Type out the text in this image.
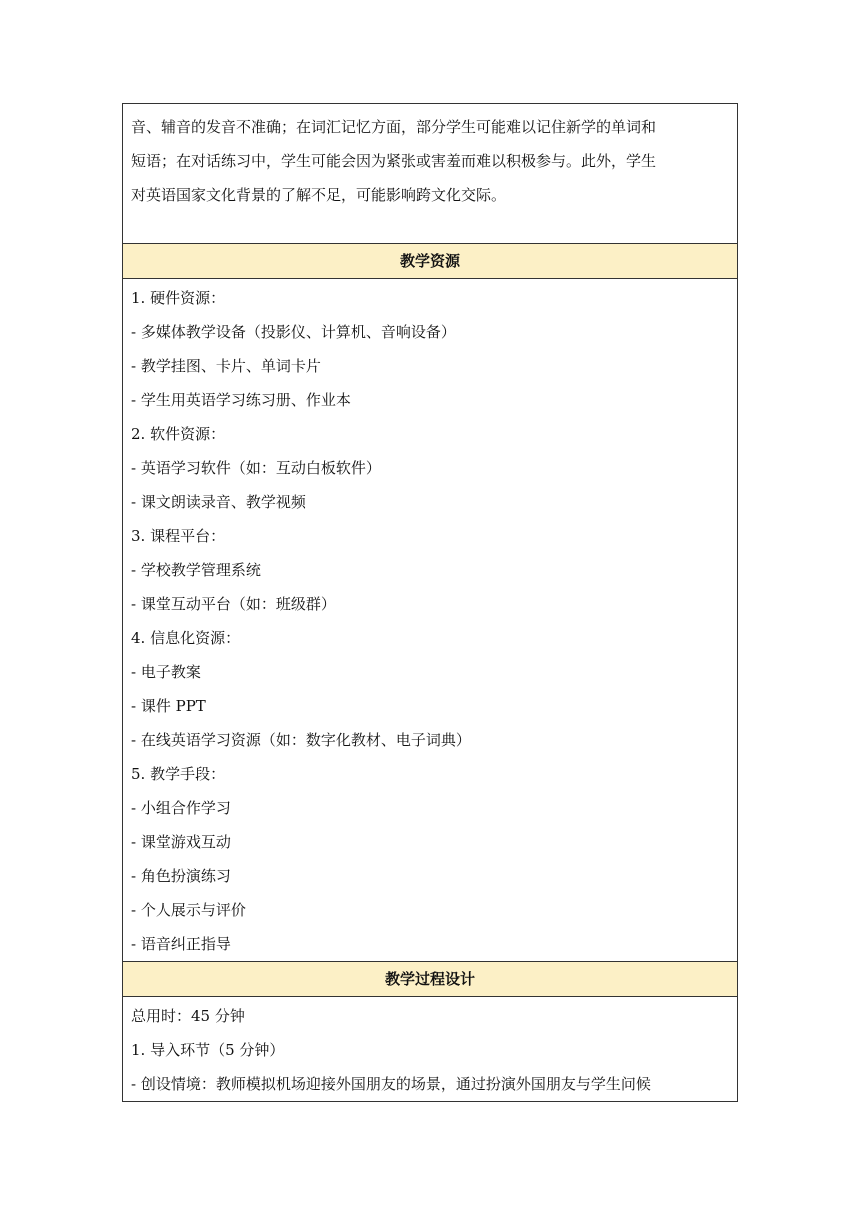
音、辅音的发音不准确；在词汇记忆方面，部分学生可能难以记住新学的单词和
短语；在对话练习中，学生可能会因为紧张或害羞而难以积极参与。此外，学生
对英语国家文化背景的了解不足，可能影响跨文化交际。
教学资源
1. 硬件资源：
- 多媒体教学设备（投影仪、计算机、音响设备）
- 教学挂图、卡片、单词卡片
- 学生用英语学习练习册、作业本
2. 软件资源：
- 英语学习软件（如：互动白板软件）
- 课文朗读录音、教学视频
3. 课程平台：
- 学校教学管理系统
- 课堂互动平台（如：班级群）
4. 信息化资源：
- 电子教案
- 课件 PPT
- 在线英语学习资源（如：数字化教材、电子词典）
5. 教学手段：
- 小组合作学习
- 课堂游戏互动
- 角色扮演练习
- 个人展示与评价
- 语音纠正指导
教学过程设计
总用时：45 分钟
1. 导入环节（5 分钟）
- 创设情境：教师模拟机场迎接外国朋友的场景，通过扮演外国朋友与学生问候
